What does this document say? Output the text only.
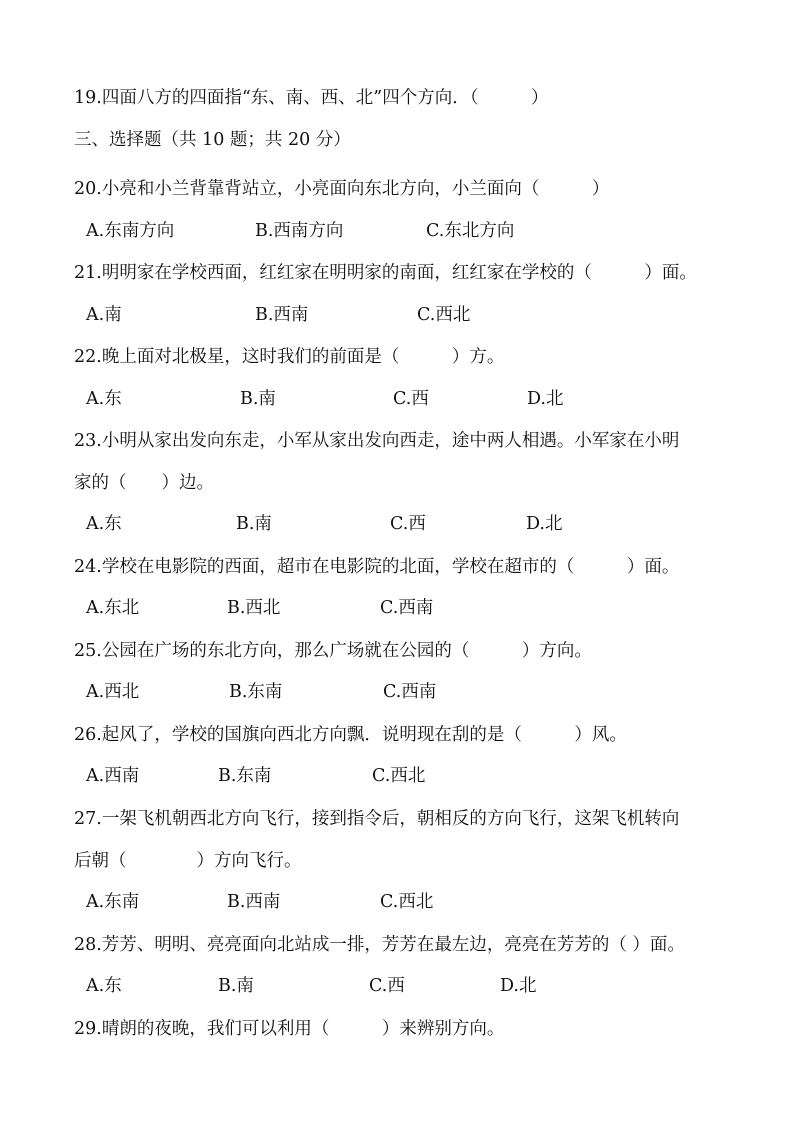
19.四面八方的四面指“东、南、西、北”四个方向．（　　　）
三、选择题（共 10 题；共 20 分）
20.小亮和小兰背靠背站立，小亮面向东北方向，小兰面向（　　　）
A.东南方向	B.西南方向	C.东北方向
21.明明家在学校西面，红红家在明明家的南面，红红家在学校的（　　　）面。
A.南	B.西南	C.西北
22.晚上面对北极星，这时我们的前面是（　　　）方。
A.东	B.南	C.西	D.北
23.小明从家出发向东走，小军从家出发向西走，途中两人相遇。小军家在小明
家的（　　）边。
A.东	B.南	C.西	D.北
24.学校在电影院的西面，超市在电影院的北面，学校在超市的（　　　）面。
A.东北	B.西北	C.西南
25.公园在广场的东北方向，那么广场就在公园的（　　　）方向。
A.西北	B.东南	C.西南
26.起风了，学校的国旗向西北方向飘．说明现在刮的是（　　　）风。
A.西南	B.东南	C.西北
27.一架飞机朝西北方向飞行，接到指令后，朝相反的方向飞行，这架飞机转向
后朝（　　　　）方向飞行。
A.东南	B.西南	C.西北
28.芳芳、明明、亮亮面向北站成一排，芳芳在最左边，亮亮在芳芳的（ ）面。
A.东	B.南	C.西	D.北
29.晴朗的夜晚，我们可以利用（　　　）来辨别方向。
